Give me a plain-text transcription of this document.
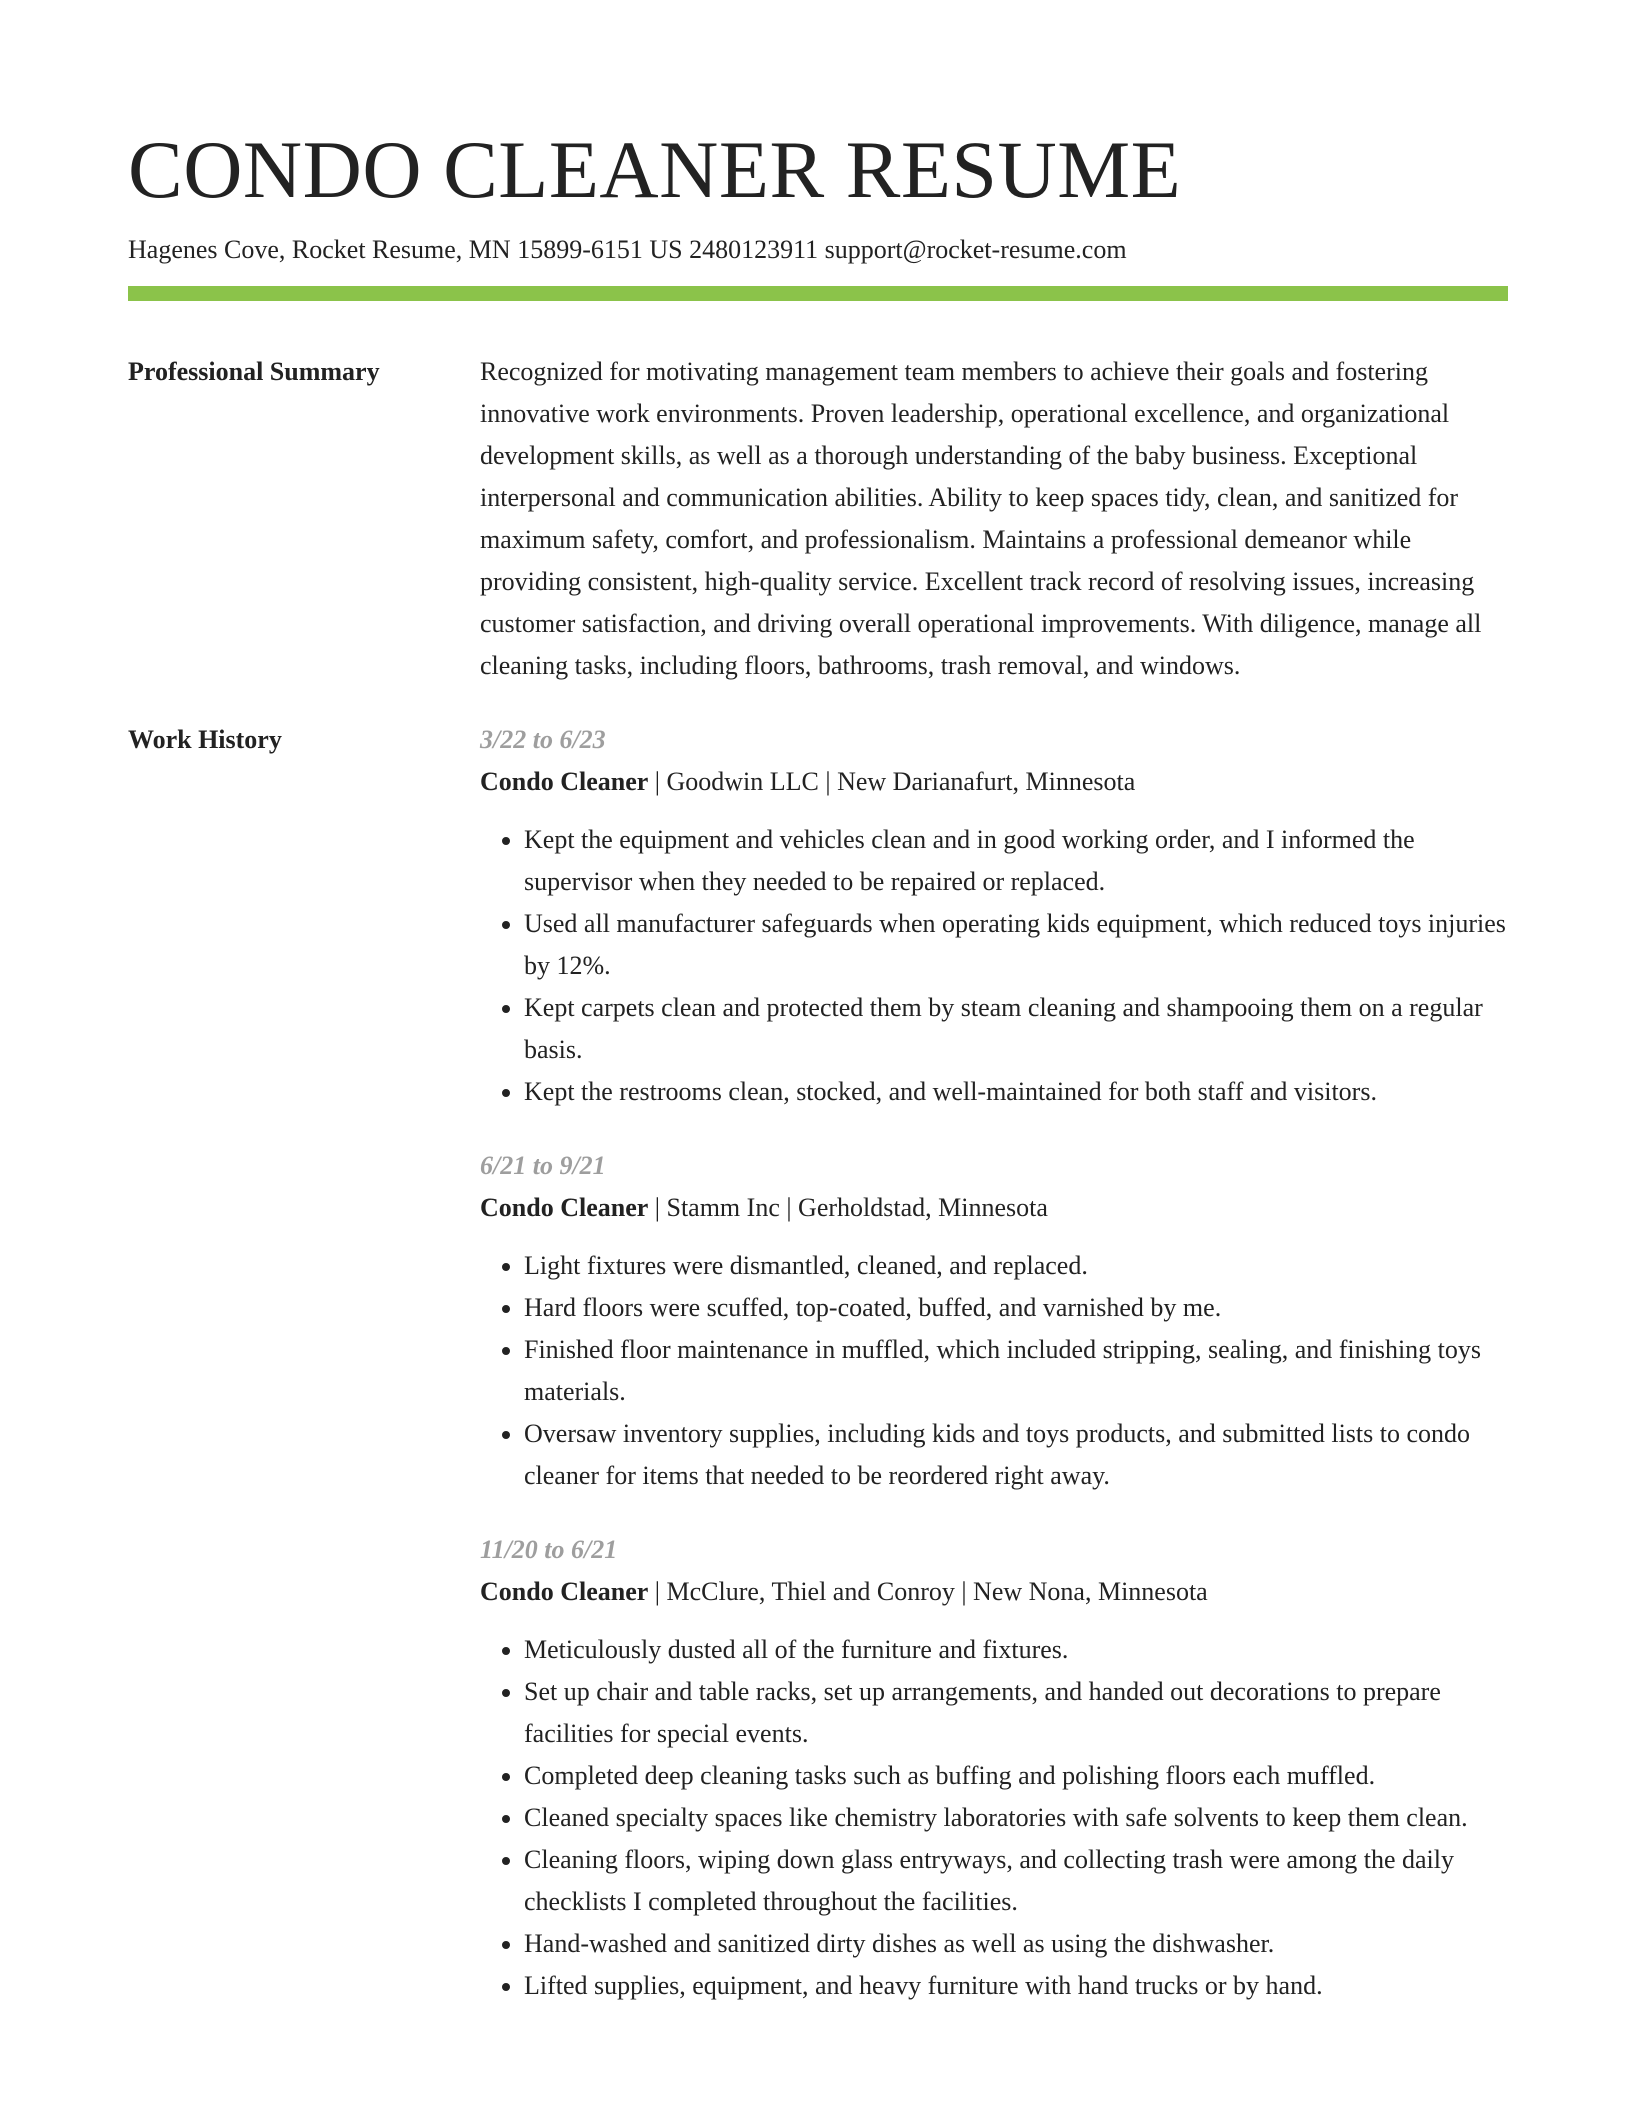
CONDO CLEANER RESUME
Hagenes Cove, Rocket Resume, MN 15899-6151 US 2480123911 support@rocket-resume.com
Professional Summary	Recognized for motivating management team members to achieve their goals and fostering innovative work environments. Proven leadership, operational excellence, and organizational development skills, as well as a thorough understanding of the baby business. Exceptional interpersonal and communication abilities. Ability to keep spaces tidy, clean, and sanitized for maximum safety, comfort, and professionalism. Maintains a professional demeanor while providing consistent, high-quality service. Excellent track record of resolving issues, increasing customer satisfaction, and driving overall operational improvements. With diligence, manage all cleaning tasks, including floors, bathrooms, trash removal, and windows.

Work History	3/22 to 6/23
Condo Cleaner | Goodwin LLC | New Darianafurt, Minnesota
• Kept the equipment and vehicles clean and in good working order, and I informed the supervisor when they needed to be repaired or replaced.
• Used all manufacturer safeguards when operating kids equipment, which reduced toys injuries by 12%.
• Kept carpets clean and protected them by steam cleaning and shampooing them on a regular basis.
• Kept the restrooms clean, stocked, and well-maintained for both staff and visitors.
6/21 to 9/21
Condo Cleaner | Stamm Inc | Gerholdstad, Minnesota
• Light fixtures were dismantled, cleaned, and replaced.
• Hard floors were scuffed, top-coated, buffed, and varnished by me.
• Finished floor maintenance in muffled, which included stripping, sealing, and finishing toys materials.
• Oversaw inventory supplies, including kids and toys products, and submitted lists to condo cleaner for items that needed to be reordered right away.
11/20 to 6/21
Condo Cleaner | McClure, Thiel and Conroy | New Nona, Minnesota
• Meticulously dusted all of the furniture and fixtures.
• Set up chair and table racks, set up arrangements, and handed out decorations to prepare facilities for special events.
• Completed deep cleaning tasks such as buffing and polishing floors each muffled.
• Cleaned specialty spaces like chemistry laboratories with safe solvents to keep them clean.
• Cleaning floors, wiping down glass entryways, and collecting trash were among the daily checklists I completed throughout the facilities.
• Hand-washed and sanitized dirty dishes as well as using the dishwasher.
• Lifted supplies, equipment, and heavy furniture with hand trucks or by hand.
